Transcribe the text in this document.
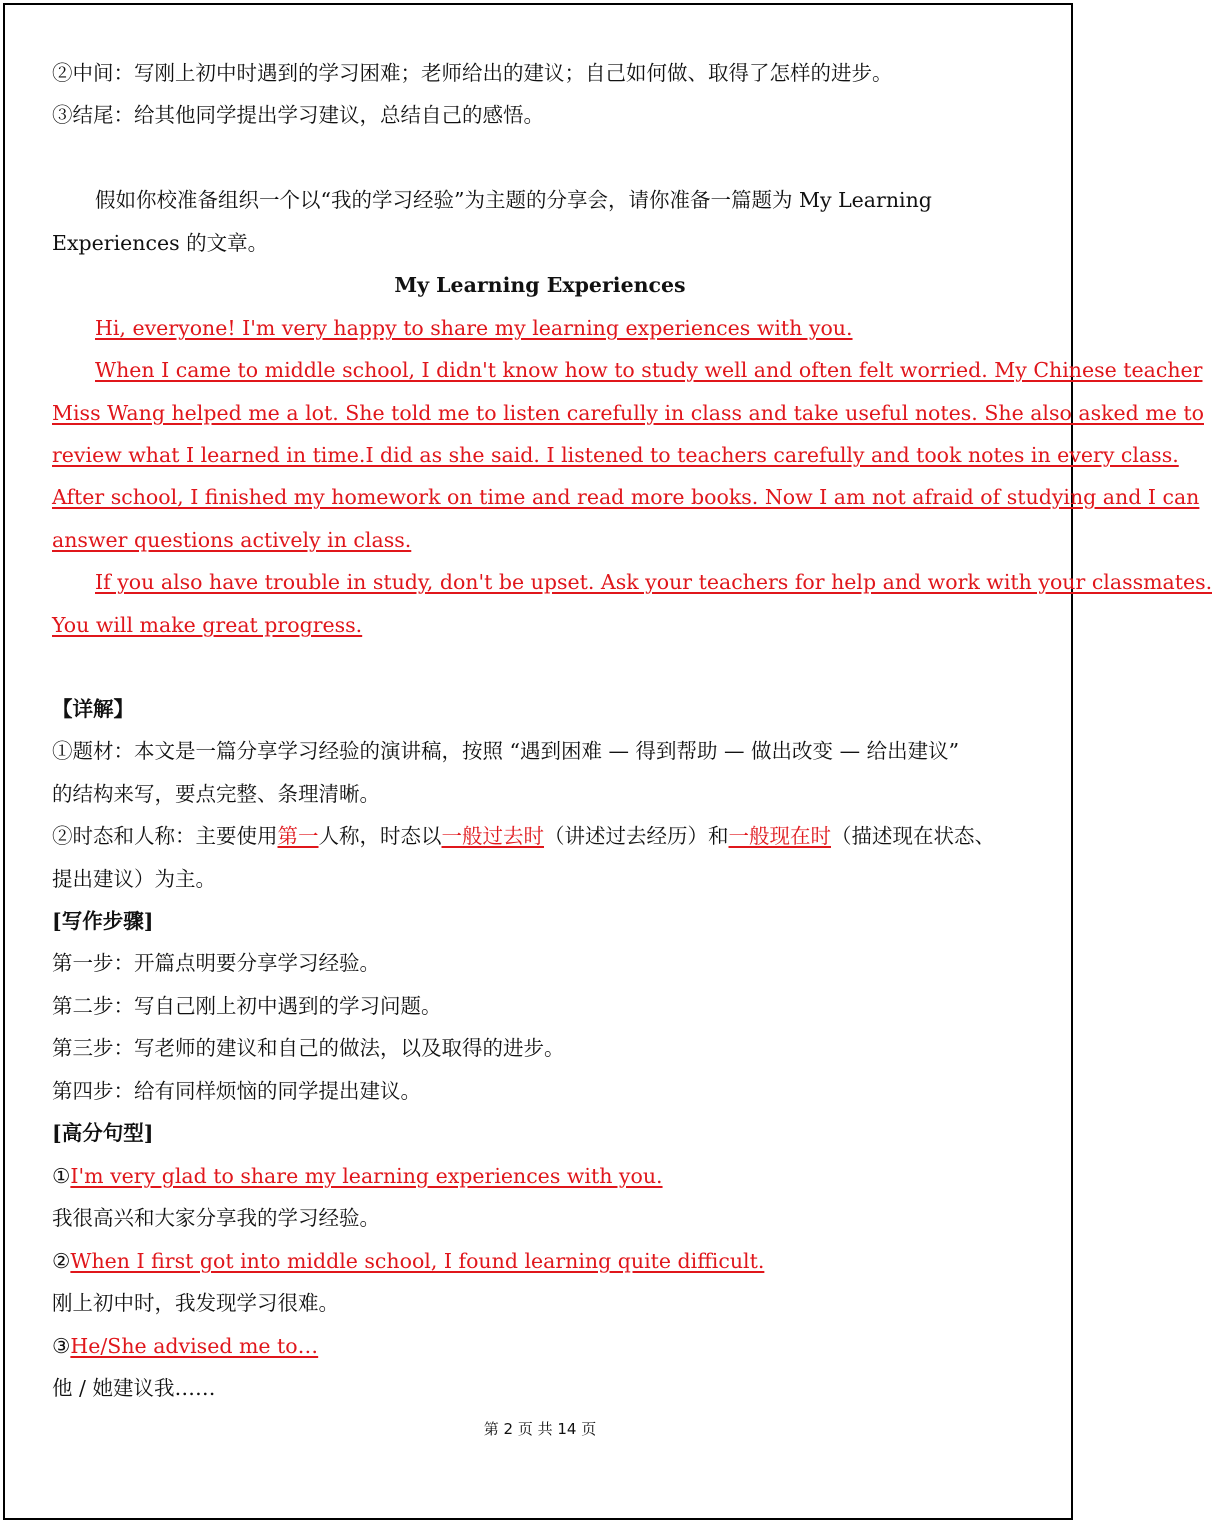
②中间：写刚上初中时遇到的学习困难；老师给出的建议；自己如何做、取得了怎样的进步。
③结尾：给其他同学提出学习建议，总结自己的感悟。
假如你校准备组织一个以“我的学习经验”为主题的分享会，请你准备一篇题为 My Learning
Experiences 的文章。
My Learning Experiences
Hi, everyone! I'm very happy to share my learning experiences with you.
When I came to middle school, I didn't know how to study well and often felt worried. My Chinese teacher
Miss Wang helped me a lot. She told me to listen carefully in class and take useful notes. She also asked me to
review what I learned in time.I did as she said. I listened to teachers carefully and took notes in every class.
After school, I finished my homework on time and read more books. Now I am not afraid of studying and I can
answer questions actively in class.
If you also have trouble in study, don't be upset. Ask your teachers for help and work with your classmates.
You will make great progress.
【详解】
①题材：本文是一篇分享学习经验的演讲稿，按照 “遇到困难 — 得到帮助 — 做出改变 — 给出建议”
的结构来写，要点完整、条理清晰。
②时态和人称：主要使用第一人称，时态以一般过去时（讲述过去经历）和一般现在时（描述现在状态、
提出建议）为主。
[写作步骤]
第一步：开篇点明要分享学习经验。
第二步：写自己刚上初中遇到的学习问题。
第三步：写老师的建议和自己的做法，以及取得的进步。
第四步：给有同样烦恼的同学提出建议。
[高分句型]
①I'm very glad to share my learning experiences with you.
我很高兴和大家分享我的学习经验。
②When I first got into middle school, I found learning quite difficult.
刚上初中时，我发现学习很难。
③He/She advised me to…
他 / 她建议我……
第 2 页 共 14 页
